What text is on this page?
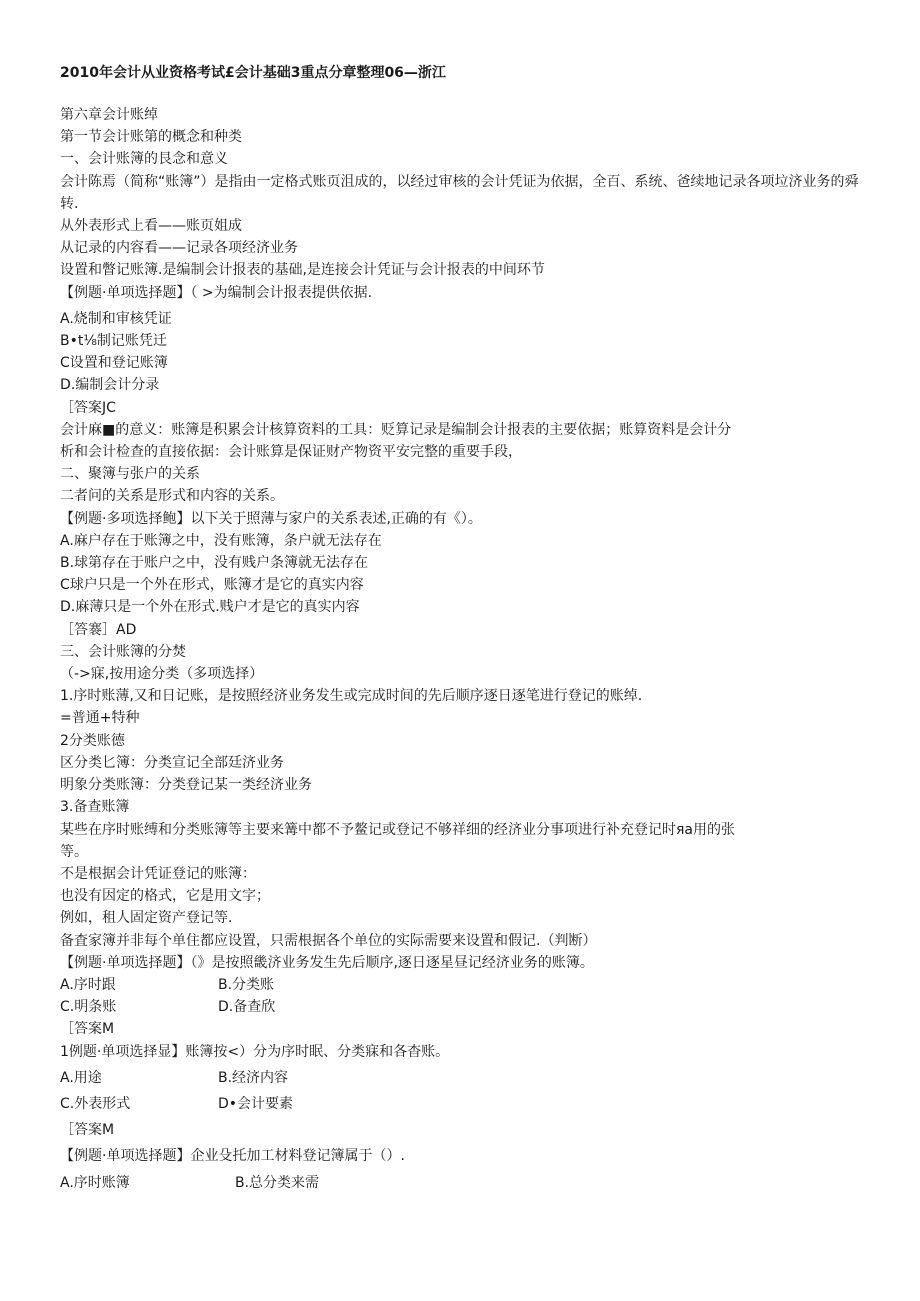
2010年会计从业资格考试£会计基础3重点分章整理06—浙江
第六章会计账绰
第一节会计账第的概念和种类
一、会计账簿的艮念和意义
会计陈焉（简称“账簿”）是指由一定格式账页沮成的，以经过审核的会计凭证为依据，全百、系统、爸续地记录各项垃济业务的舜转.
从外表形式上看——账页姐成
从记录的内容看——记录各项经济业务
设置和瞥记账簿.是编制会计报表的基础,是连接会计凭证与会计报表的中间环节
【例题·单项选择题】（ >为编制会计报表提供依据.
A.烧制和审核凭证
B•t⅛制记账凭迁
C设置和登记账簿
D.编制会计分录
［答案JC
会计麻■的意义：账簿是积累会计核算资料的工具：贬算记录是编制会计报表的主要依据；账算资料是会计分
析和会计检查的直接依据：会计账算是保证财产物资平安完整的重要手段，
二、聚簿与张户的关系
二者问的关系是形式和内容的关系。
【例题·多项选择鲍】以下关于照薄与家户的关系表述,正确的有《）。
A.麻户存在于账簿之中，没有账簿，条户就无法存在
B.球第存在于账户之中，没有贱户条簿就无法存在
C球户只是一个外在形式，账簿才是它的真实内容
D.麻薄只是一个外在形式.贱户才是它的真实内容
［答褰］AD
三、会计账簿的分焚
（->寐,按用途分类（多项选择）
1.序时账薄,又和日记账，是按照经济业务发生或完成时间的先后顺序逐日逐笔进行登记的账绰.
=普通+特种
2分类账德
区分类匕簿：分类宣记全部廷济业务
明象分类账簿：分类登记某一类经济业务
3.备查账簿
某些在序时账缚和分类账簿等主要来篝中都不予鳌记或登记不够祥细的经济业分事项进行补充登记时яa用的张
等。
不是根据会计凭证登记的账簿：
也没有因定的格式，它是用文字；
例如，租人固定资产登记等.
备査家簿并非每个单住都应设置，只需根据各个单位的实际需要来设置和假记.（判断）
【例题·单项选择题】（》是按照畿济业务发生先后顺序,逐日逐星昼记经济业务的账簿。
A.序时跟	B.分类账
C.明条账	D.备查欣
［答案M
1例题·单项选择显】账簿按<）分为序时眠、分类寐和各杳账。
A.用途	B.经济内容
C.外表形式	D•会计要素
［答案M
【例题·单项选择题】企业殳托加工材料登记簿属于（）.
A.序时账簿	B.总分类来需
